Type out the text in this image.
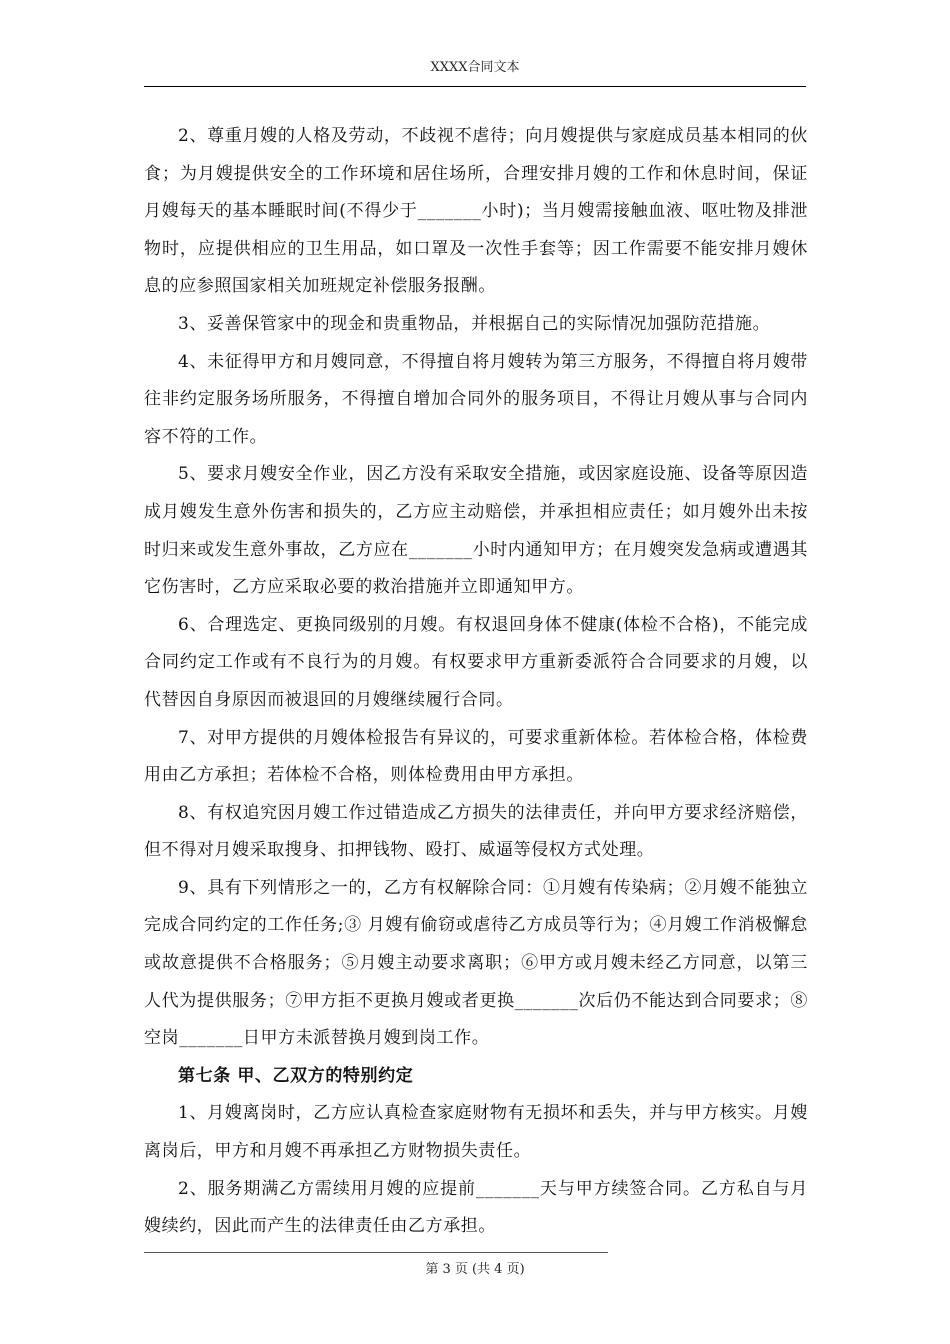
XXXX合同文本

2、尊重月嫂的人格及劳动，不歧视不虐待；向月嫂提供与家庭成员基本相同的伙食；为月嫂提供安全的工作环境和居住场所，合理安排月嫂的工作和休息时间，保证月嫂每天的基本睡眠时间(不得少于_______小时)；当月嫂需接触血液、呕吐物及排泄物时，应提供相应的卫生用品，如口罩及一次性手套等；因工作需要不能安排月嫂休息的应参照国家相关加班规定补偿服务报酬。

3、妥善保管家中的现金和贵重物品，并根据自己的实际情况加强防范措施。

4、未征得甲方和月嫂同意，不得擅自将月嫂转为第三方服务，不得擅自将月嫂带往非约定服务场所服务，不得擅自增加合同外的服务项目，不得让月嫂从事与合同内容不符的工作。

5、要求月嫂安全作业，因乙方没有采取安全措施，或因家庭设施、设备等原因造成月嫂发生意外伤害和损失的，乙方应主动赔偿，并承担相应责任；如月嫂外出未按时归来或发生意外事故，乙方应在_______小时内通知甲方；在月嫂突发急病或遭遇其它伤害时，乙方应采取必要的救治措施并立即通知甲方。

6、合理选定、更换同级别的月嫂。有权退回身体不健康(体检不合格)，不能完成合同约定工作或有不良行为的月嫂。有权要求甲方重新委派符合合同要求的月嫂，以代替因自身原因而被退回的月嫂继续履行合同。

7、对甲方提供的月嫂体检报告有异议的，可要求重新体检。若体检合格，体检费用由乙方承担；若体检不合格，则体检费用由甲方承担。

8、有权追究因月嫂工作过错造成乙方损失的法律责任，并向甲方要求经济赔偿，但不得对月嫂采取搜身、扣押钱物、殴打、威逼等侵权方式处理。

9、具有下列情形之一的，乙方有权解除合同：①月嫂有传染病；②月嫂不能独立完成合同约定的工作任务;③ 月嫂有偷窃或虐待乙方成员等行为；④月嫂工作消极懈怠或故意提供不合格服务；⑤月嫂主动要求离职；⑥甲方或月嫂未经乙方同意，以第三人代为提供服务；⑦甲方拒不更换月嫂或者更换_______次后仍不能达到合同要求；⑧空岗_______日甲方未派替换月嫂到岗工作。

第七条 甲、乙双方的特别约定

1、月嫂离岗时，乙方应认真检查家庭财物有无损坏和丢失，并与甲方核实。月嫂离岗后，甲方和月嫂不再承担乙方财物损失责任。

2、服务期满乙方需续用月嫂的应提前_______天与甲方续签合同。乙方私自与月嫂续约，因此而产生的法律责任由乙方承担。

第 3 页 (共 4 页)
